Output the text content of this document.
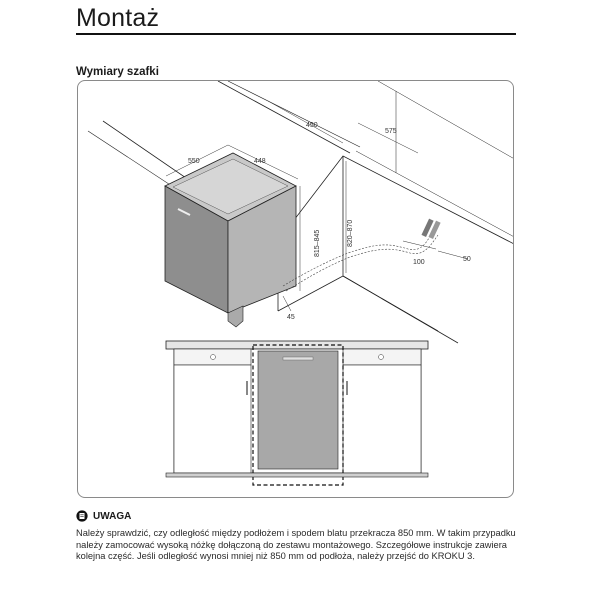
Montaż
Wymiary szafki
450
575
550	448
815–845	820–870
45
100	50
UWAGA
Należy sprawdzić, czy odległość między podłożem i spodem blatu przekracza 850 mm. W takim przypadku należy zamocować wysoką nóżkę dołączoną do zestawu montażowego. Szczegółowe instrukcje zawiera kolejna część. Jeśli odległość wynosi mniej niż 850 mm od podłoża, należy przejść do KROKU 3.
